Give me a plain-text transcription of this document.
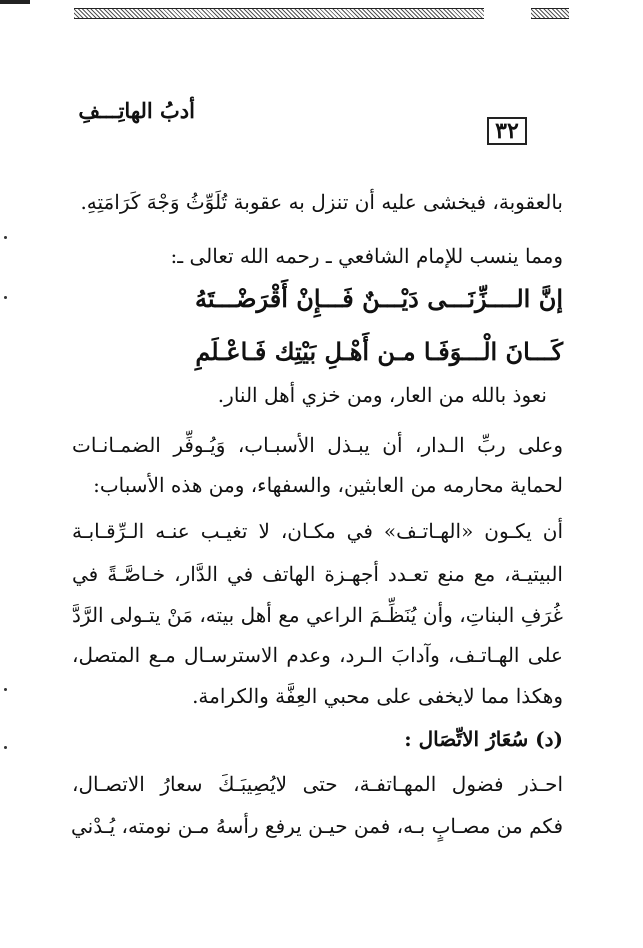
أدبُ الهاتِـــفِ
٣٢
بالعقوبة، فيخشى عليه أن تنزل به عقوبة تُلَوِّثُ وَجْهَ كَرَامَتِهِ.
ومما ينسب للإمام الشافعي ـ رحمه الله تعالى ـ:
إنَّ الــــزِّنَـــى دَيْـــنٌ فَـــإِنْ أَقْرَضْـــتَهُ
كَـــانَ الْـــوَفَـا مـن أَهْـلِ بَيْتِك فَـاعْـلَمِ
نعوذ بالله من العار، ومن خزي أهل النار.
وعلى ربِّ الـدار، أن يبـذل الأسبـاب، وَيُـوفِّر الضمـانـات
لحماية محارمه من العابثين، والسفهاء، ومن هذه الأسباب:
أن يكـون «الهـاتـف» في مكـان، لا تغيـب عنـه الـرِّقـابـة
البيتيـة، مع منع تعـدد أجهـزة الهاتف في الدَّار، خـاصَّـةً في
غُرَفِ البناتِ، وأن يُنَظِّـمَ الراعي مع أهل بيته، مَنْ يتـولى الرَّدَّ
على الهـاتـف، وآدابَ الـرد، وعدم الاسترسـال مـع المتصل،
وهكذا مما لايخفى على محبي العِفَّة والكرامة.
(د) سُعَارُ الاتِّصَال :
احـذر فضول المهـاتفـة، حتى لايُصِيبَـكَ سعارُ الاتصـال،
فكم من مصـابٍ بـه، فمن حيـن يرفع رأسهُ مـن نومته، يُـدْني
